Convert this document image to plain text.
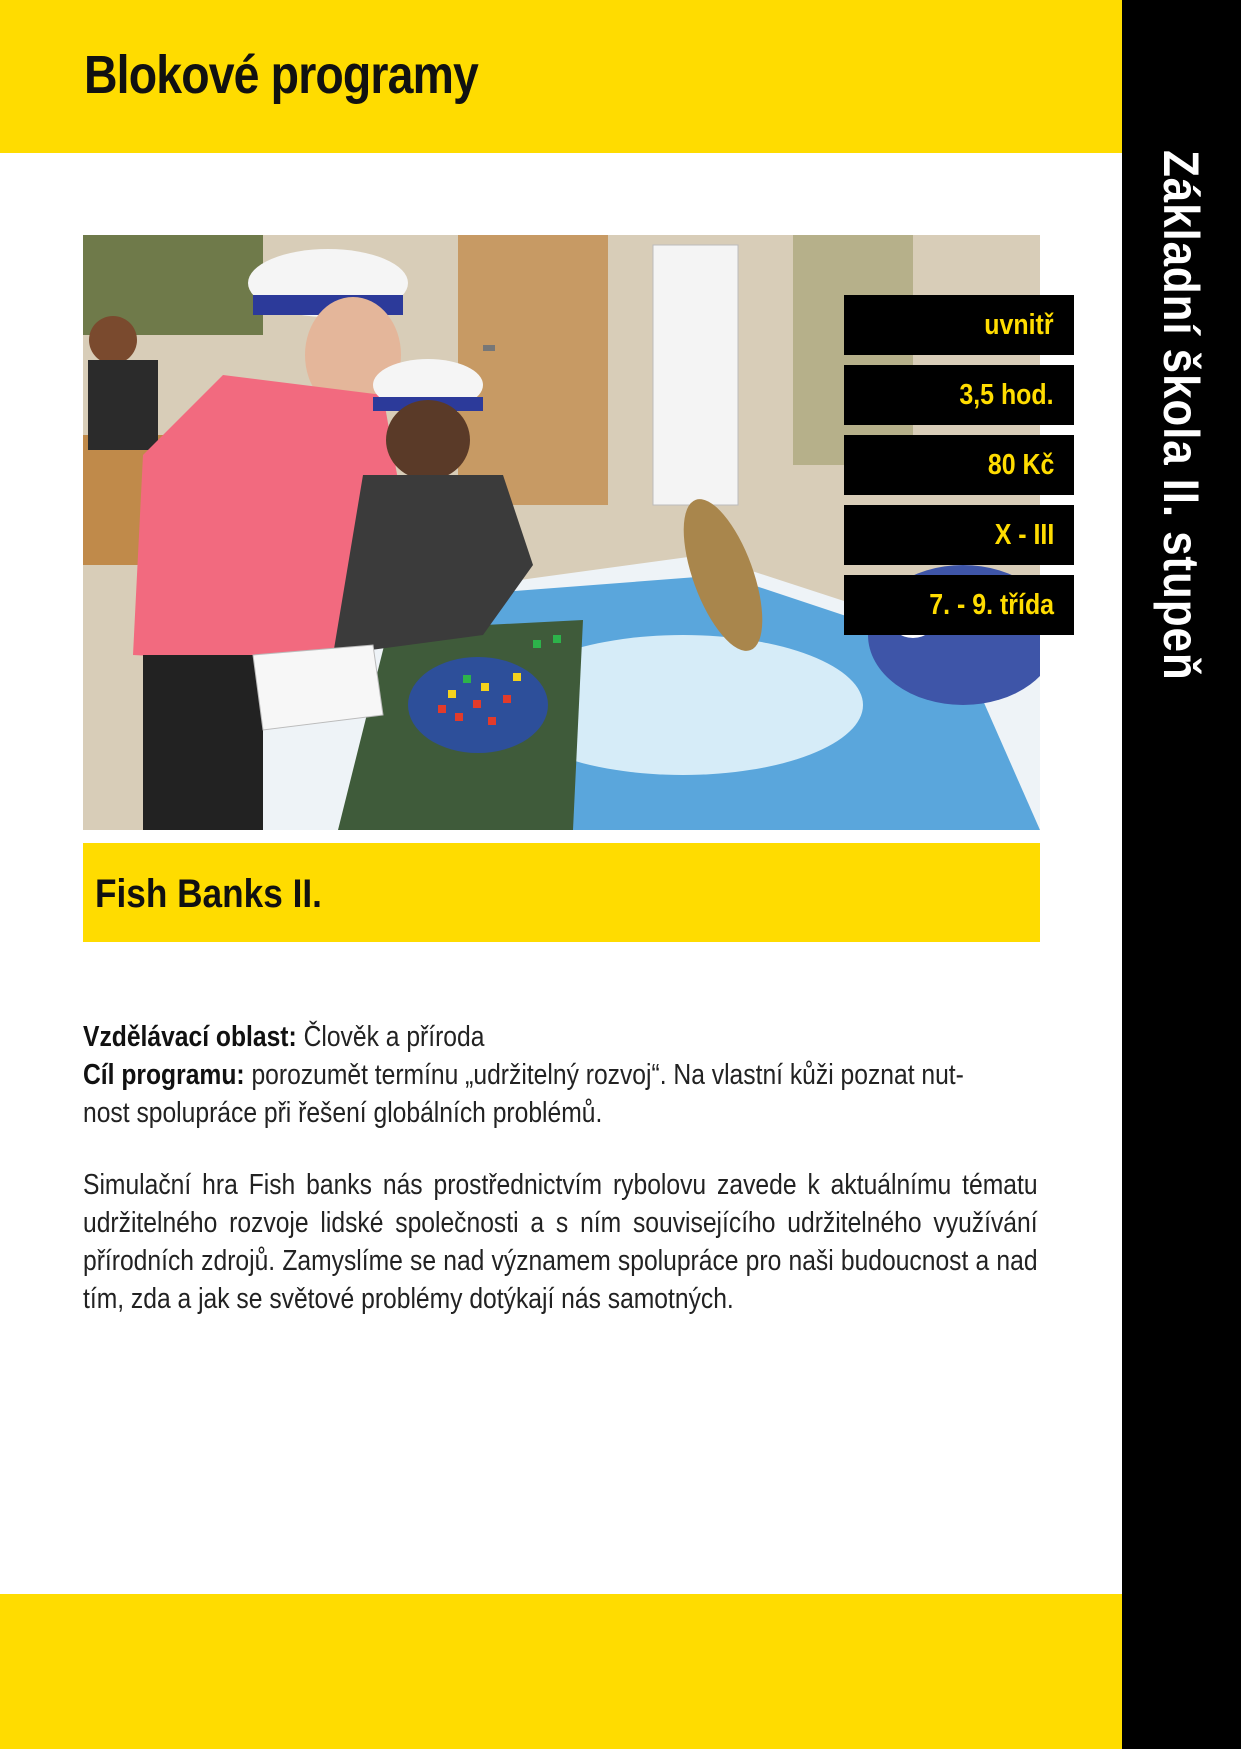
Blokové programy
Základní škola II. stupeň
uvnitř
3,5 hod.
80 Kč
X - III
7. - 9. třída
Fish Banks II.

Vzdělávací oblast: Člověk a příroda

Cíl programu: porozumět termínu „udržitelný rozvoj“. Na vlastní kůži poznat nut-

nost spolupráce při řešení globálních problémů.

Simulační hra Fish banks nás prostřednictvím rybolovu zavede k aktuálnímu tématu udržitelného rozvoje lidské společnosti a s ním souvisejícího udržitelného využívání přírodních zdrojů. Zamyslíme se nad významem spolupráce pro naši budoucnost a nad tím, zda a jak se světové problémy dotýkají nás samotných.
